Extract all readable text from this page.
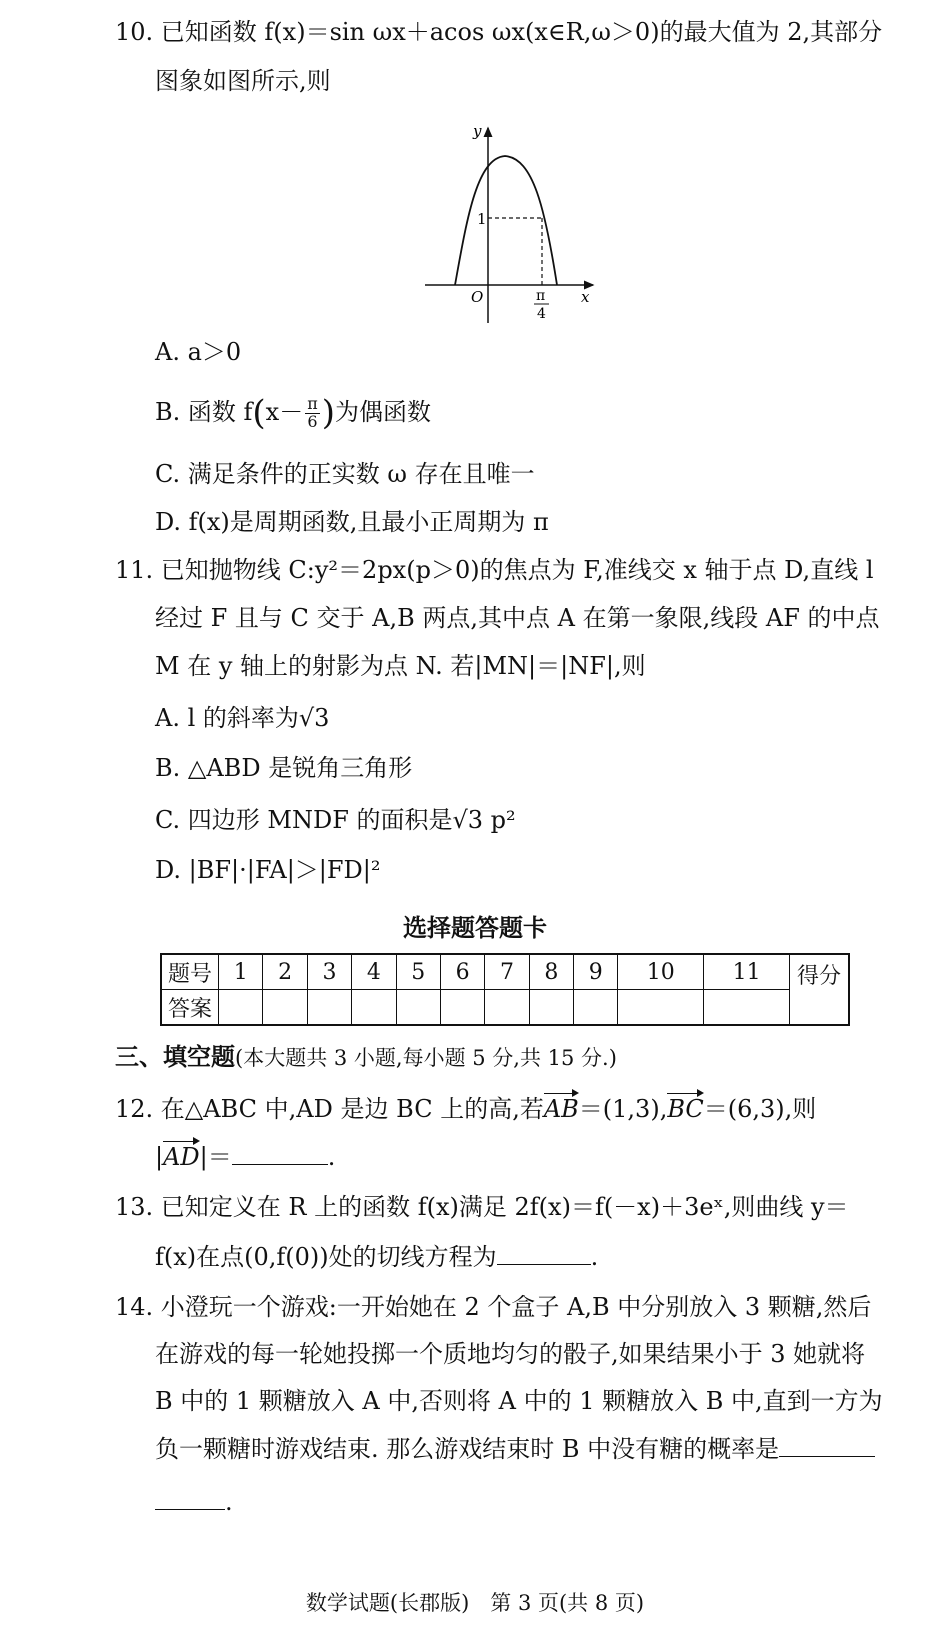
10. 已知函数 f(x)＝sin ωx＋acos ωx(x∈R,ω＞0)的最大值为 2,其部分
图象如图所示,则
y
x
O
1
π
4
A. a＞0
B. 函数 $f(x- \frac{\pi}{6}$ )为偶函数
C. 满足条件的正实数 ω 存在且唯一
D. f(x)是周期函数,且最小正周期为 π
11. 已知抛物线 C:y²＝2px(p＞0)的焦点为 F,准线交 x 轴于点 D,直线 l
经过 F 且与 C 交于 A,B 两点,其中点 A 在第一象限,线段 AF 的中点
M 在 y 轴上的射影为点 N. 若|MN|＝|NF|,则
A. l 的斜率为√3
B. △ABD 是锐角三角形
C. 四边形 MNDF 的面积是√3 p²
D. |BF|·|FA|＞|FD|²
选择题答题卡
题号	1	2	3	4	5	6	7	8	9	10	11	得分
答案												
三、填空题(本大题共 3 小题,每小题 5 分,共 15 分.)
12. 在△ABC 中,AD 是边 BC 上的高,若AB＝(1,3),BC＝(6,3),则
|AD|＝	.
13. 已知定义在 R 上的函数 f(x)满足 2f(x)＝f(－x)＋3eˣ,则曲线 y＝
f(x)在点(0,f(0))处的切线方程为	.
14. 小澄玩一个游戏:一开始她在 2 个盒子 A,B 中分别放入 3 颗糖,然后
在游戏的每一轮她投掷一个质地均匀的骰子,如果结果小于 3 她就将
B 中的 1 颗糖放入 A 中,否则将 A 中的 1 颗糖放入 B 中,直到一方为
负一颗糖时游戏结束. 那么游戏结束时 B 中没有糖的概率是
.
数学试题(长郡版)　第 3 页(共 8 页)
